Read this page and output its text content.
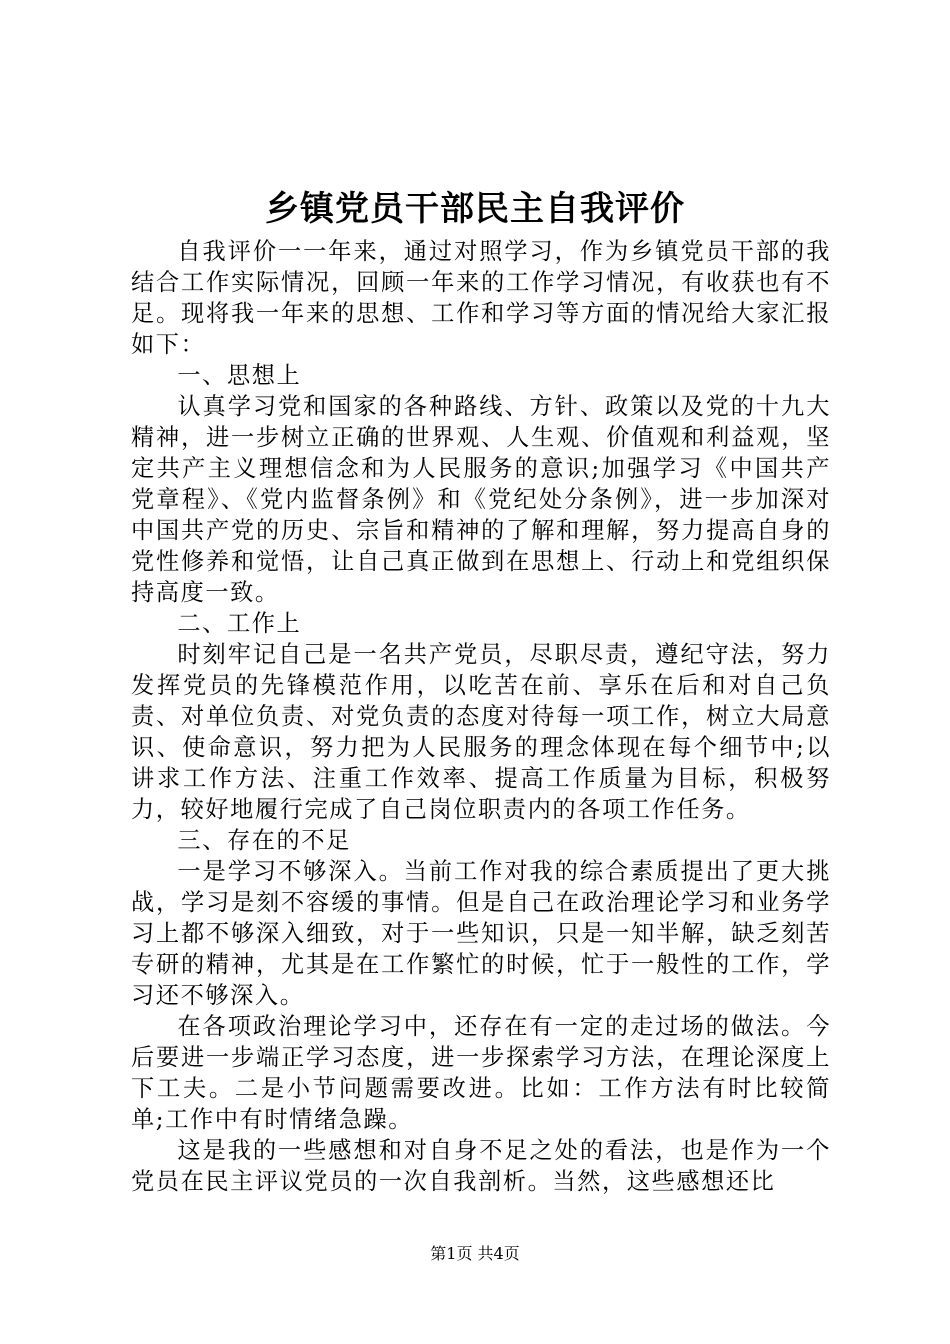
乡镇党员干部民主自我评价

自我评价一一年来，通过对照学习，作为乡镇党员干部的我结合工作实际情况，回顾一年来的工作学习情况，有收获也有不足。现将我一年来的思想、工作和学习等方面的情况给大家汇报如下：

一、思想上

认真学习党和国家的各种路线、方针、政策以及党的十九大精神，进一步树立正确的世界观、人生观、价值观和利益观，坚定共产主义理想信念和为人民服务的意识;加强学习《中国共产党章程》、《党内监督条例》和《党纪处分条例》，进一步加深对中国共产党的历史、宗旨和精神的了解和理解，努力提高自身的党性修养和觉悟，让自己真正做到在思想上、行动上和党组织保持高度一致。

二、工作上

时刻牢记自己是一名共产党员，尽职尽责，遵纪守法，努力发挥党员的先锋模范作用，以吃苦在前、享乐在后和对自己负责、对单位负责、对党负责的态度对待每一项工作，树立大局意识、使命意识，努力把为人民服务的理念体现在每个细节中;以讲求工作方法、注重工作效率、提高工作质量为目标，积极努力，较好地履行完成了自己岗位职责内的各项工作任务。

三、存在的不足

一是学习不够深入。当前工作对我的综合素质提出了更大挑战，学习是刻不容缓的事情。但是自己在政治理论学习和业务学习上都不够深入细致，对于一些知识，只是一知半解，缺乏刻苦专研的精神，尤其是在工作繁忙的时候，忙于一般性的工作，学习还不够深入。

在各项政治理论学习中，还存在有一定的走过场的做法。今后要进一步端正学习态度，进一步探索学习方法，在理论深度上下工夫。二是小节问题需要改进。比如：工作方法有时比较简单;工作中有时情绪急躁。

这是我的一些感想和对自身不足之处的看法，也是作为一个党员在民主评议党员的一次自我剖析。当然，这些感想还比

第1页 共4页
